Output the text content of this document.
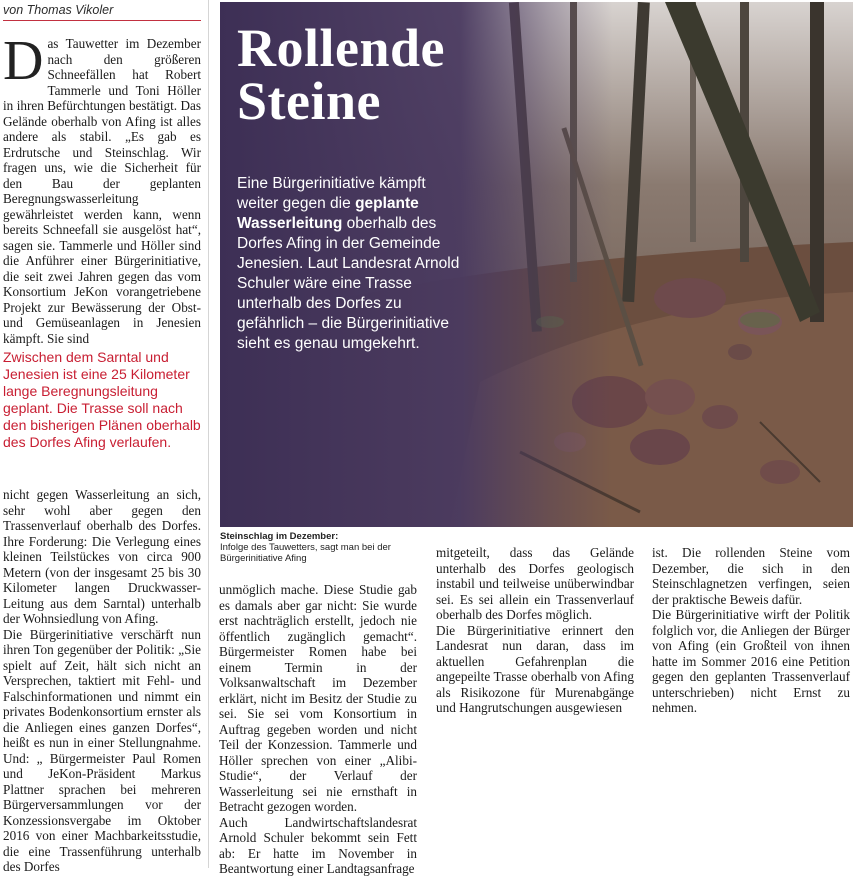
von Thomas Vikoler
D as Tauwetter im Dezember nach den größeren Schneefällen hat Robert Tammerle und Toni Höller in ihren Befürchtungen bestätigt. Das Gelände oberhalb von Afing ist alles andere als stabil. „Es gab es Erdrutsche und Steinschlag. Wir fragen uns, wie die Sicherheit für den Bau der geplanten Beregnungswasserleitung gewährleistet werden kann, wenn bereits Schneefall sie ausgelöst hat“, sagen sie. Tammerle und Höller sind die Anführer einer Bürgerinitiative, die seit zwei Jahren gegen das vom Konsortium JeKon vorangetriebene Projekt zur Bewässerung der Obst-und Gemüseanlagen in Jenesien kämpft. Sie sind

Zwischen dem Sarntal und Jenesien ist eine 25 Kilometer lange Beregnungsleitung geplant. Die Trasse soll nach den bisherigen Plänen oberhalb des Dorfes Afing verlaufen.

nicht gegen Wasserleitung an sich, sehr wohl aber gegen den Trassenverlauf oberhalb des Dorfes. Ihre Forderung: Die Verlegung eines kleinen Teilstückes von circa 900 Metern (von der insgesamt 25 bis 30 Kilometer langen Druckwasser-Leitung aus dem Sarntal) unterhalb der Wohnsiedlung von Afing.

Die Bürgerinitiative verschärft nun ihren Ton gegenüber der Politik: „Sie spielt auf Zeit, hält sich nicht an Versprechen, taktiert mit Fehl- und Falschinformationen und nimmt ein privates Bodenkonsortium ernster als die Anliegen eines ganzen Dorfes“, heißt es nun in einer Stellungnahme. Und: „ Bürgermeister Paul Romen und JeKon-Präsident Markus Plattner sprachen bei mehreren Bürgerversammlungen vor der Konzessionsvergabe im Oktober 2016 von einer Machbarkeitsstudie, die eine Trassenführung unterhalb des Dorfes

Rollende
Steine
Eine Bürgerinitiative kämpft weiter gegen die geplante Wasserleitung oberhalb des Dorfes Afing in der Gemeinde Jenesien. Laut Landesrat Arnold Schuler wäre eine Trasse unterhalb des Dorfes zu gefährlich – die Bürgerinitiative sieht es genau umgekehrt.
Steinschlag im Dezember:
Infolge des Tauwetters, sagt man bei der Bürgerinitiative Afing

unmöglich mache. Diese Studie gab es damals aber gar nicht: Sie wurde erst nachträglich erstellt, jedoch nie öffentlich zugänglich gemacht“. Bürgermeister Romen habe bei einem Termin in der Volksanwaltschaft im Dezember erklärt, nicht im Besitz der Studie zu sei. Sie sei vom Konsortium in Auftrag gegeben worden und nicht Teil der Konzession. Tammerle und Höller sprechen von einer „Alibi-Studie“, der Verlauf der Wasserleitung sei nie ernsthaft in Betracht gezogen worden.

Auch Landwirtschaftslandesrat Arnold Schuler bekommt sein Fett ab: Er hatte im November in Beantwortung einer Landtagsanfrage

mitgeteilt, dass das Gelände unterhalb des Dorfes geologisch instabil und teilweise unüberwindbar sei. Es sei allein ein Trassenverlauf oberhalb des Dorfes möglich.

Die Bürgerinitiative erinnert den Landesrat nun daran, dass im aktuellen Gefahrenplan die angepeilte Trasse oberhalb von Afing als Risikozone für Murenabgänge und Hangrutschungen ausgewiesen

ist. Die rollenden Steine vom Dezember, die sich in den Steinschlagnetzen verfingen, seien der praktische Beweis dafür.

Die Bürgerinitiative wirft der Politik folglich vor, die Anliegen der Bürger von Afing (ein Großteil von ihnen hatte im Sommer 2016 eine Petition gegen den geplanten Trassenverlauf unterschrieben) nicht Ernst zu nehmen.
